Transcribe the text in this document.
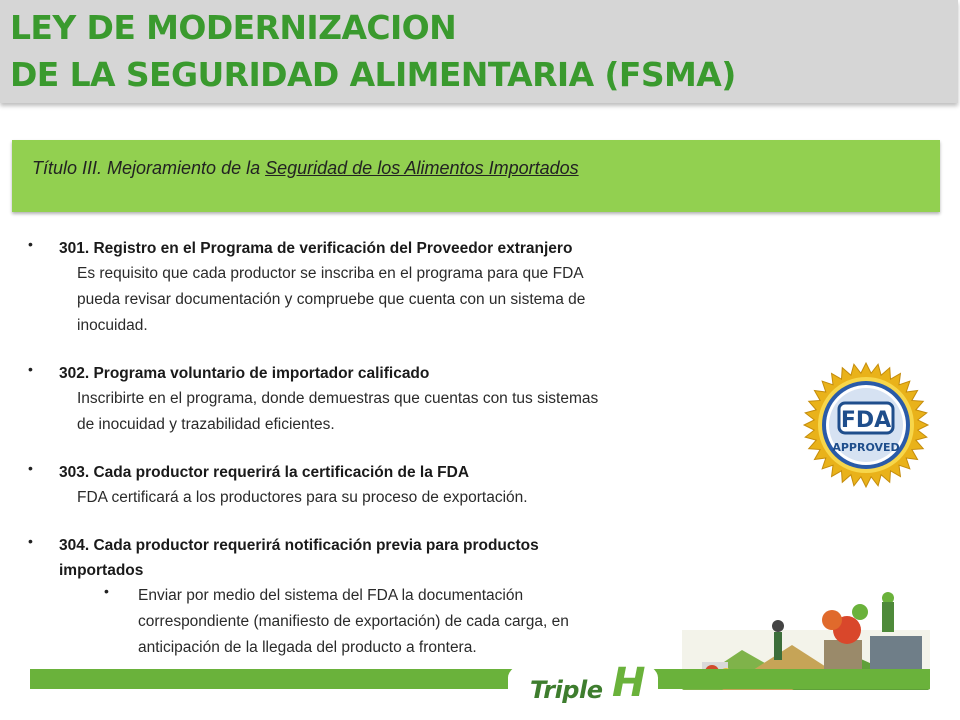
LEY DE MODERNIZACION
DE LA SEGURIDAD ALIMENTARIA (FSMA)

Título III. Mejoramiento de la Seguridad de los Alimentos Importados

• 301. Registro en el Programa de verificación del Proveedor extranjero
Es requisito que cada productor se inscriba en el programa para que FDA
pueda revisar documentación y compruebe que cuenta con un sistema de
inocuidad.
• 302. Programa voluntario de importador calificado
Inscribirte en el programa, donde demuestras que cuentas con tus sistemas
de inocuidad y trazabilidad eficientes.
• 303. Cada productor requerirá la certificación de la FDA
FDA certificará a los productores para su proceso de exportación.
• 304. Cada productor requerirá notificación previa para productos
importados
• Enviar por medio del sistema del FDA la documentación
correspondiente (manifiesto de exportación) de cada carga, en
anticipación de la llegada del producto a frontera.
FDA
APPROVED
Triple H
